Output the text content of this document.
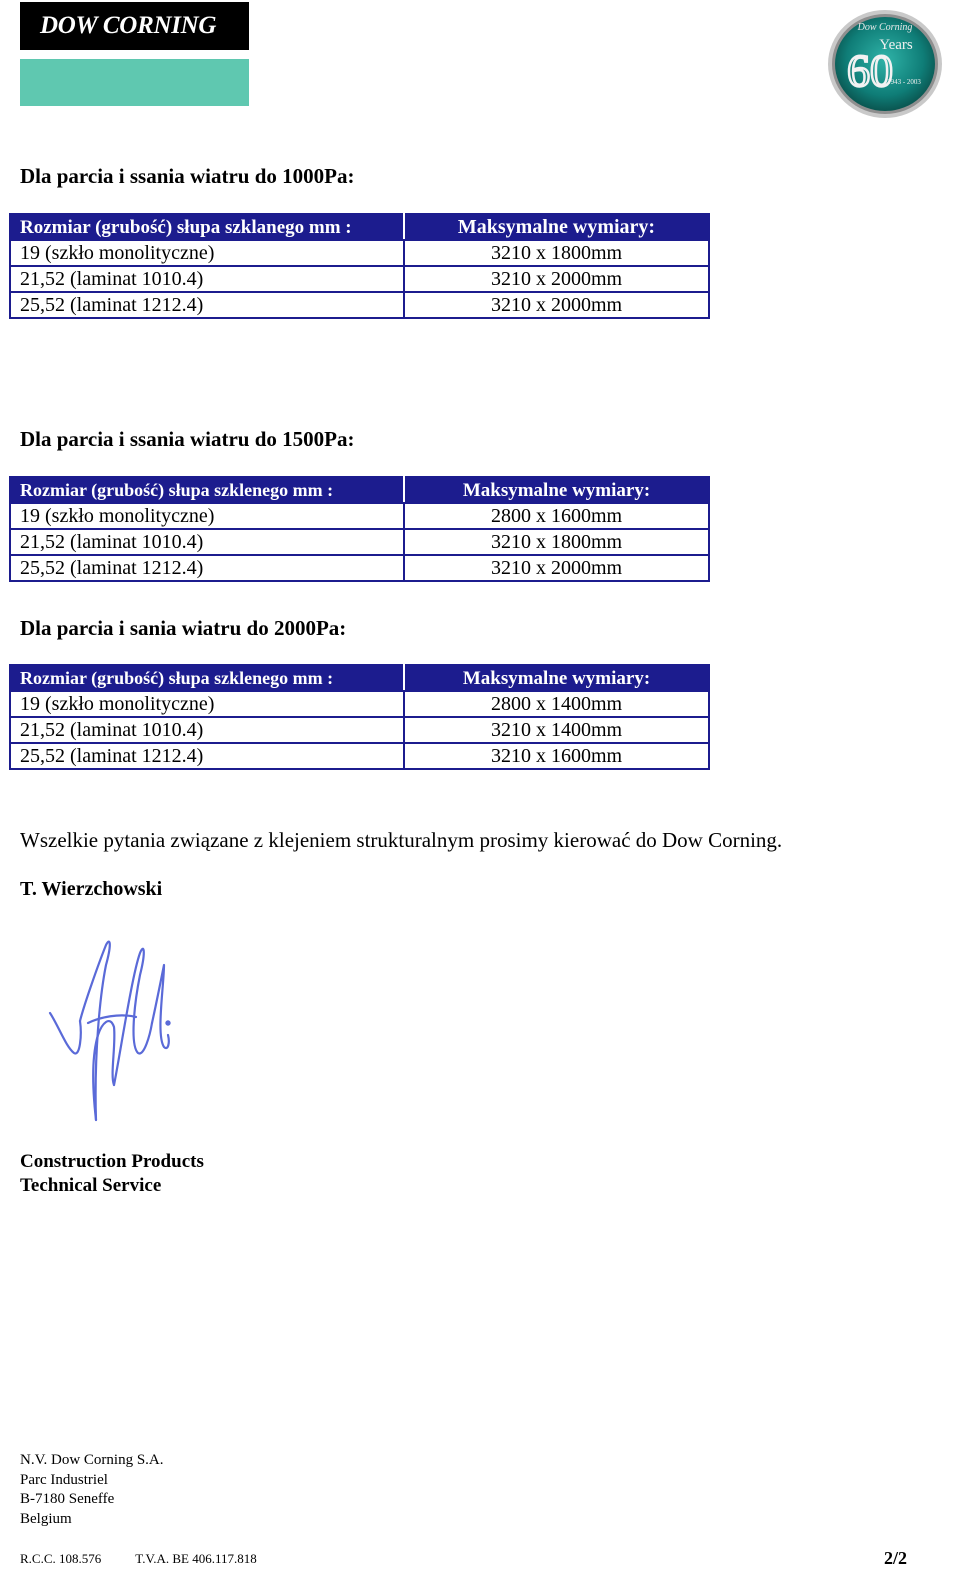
DOW CORNING	Dow Corning
Years
60
1943 - 2003
Dla parcia i ssania wiatru do 1000Pa:
Rozmiar (grubość) słupa szklanego mm :	Maksymalne wymiary:
19 (szkło monolityczne)	3210 x 1800mm
21,52 (laminat 1010.4)	3210 x 2000mm
25,52 (laminat 1212.4)	3210 x 2000mm
Dla parcia i ssania wiatru do 1500Pa:
Rozmiar (grubość) słupa szklenego mm :	Maksymalne wymiary:
19 (szkło monolityczne)	2800 x 1600mm
21,52 (laminat 1010.4)	3210 x 1800mm
25,52 (laminat 1212.4)	3210 x 2000mm
Dla parcia i sania wiatru do 2000Pa:
Rozmiar (grubość) słupa szklenego mm :	Maksymalne wymiary:
19 (szkło monolityczne)	2800 x 1400mm
21,52 (laminat 1010.4)	3210 x 1400mm
25,52 (laminat 1212.4)	3210 x 1600mm
Wszelkie pytania związane z klejeniem strukturalnym prosimy kierować do Dow Corning.
T. Wierzchowski
Construction Products
Technical Service
N.V. Dow Corning S.A.
Parc Industriel
B-7180 Seneffe
Belgium
R.C.C. 108.576	T.V.A. BE 406.117.818	2/2
